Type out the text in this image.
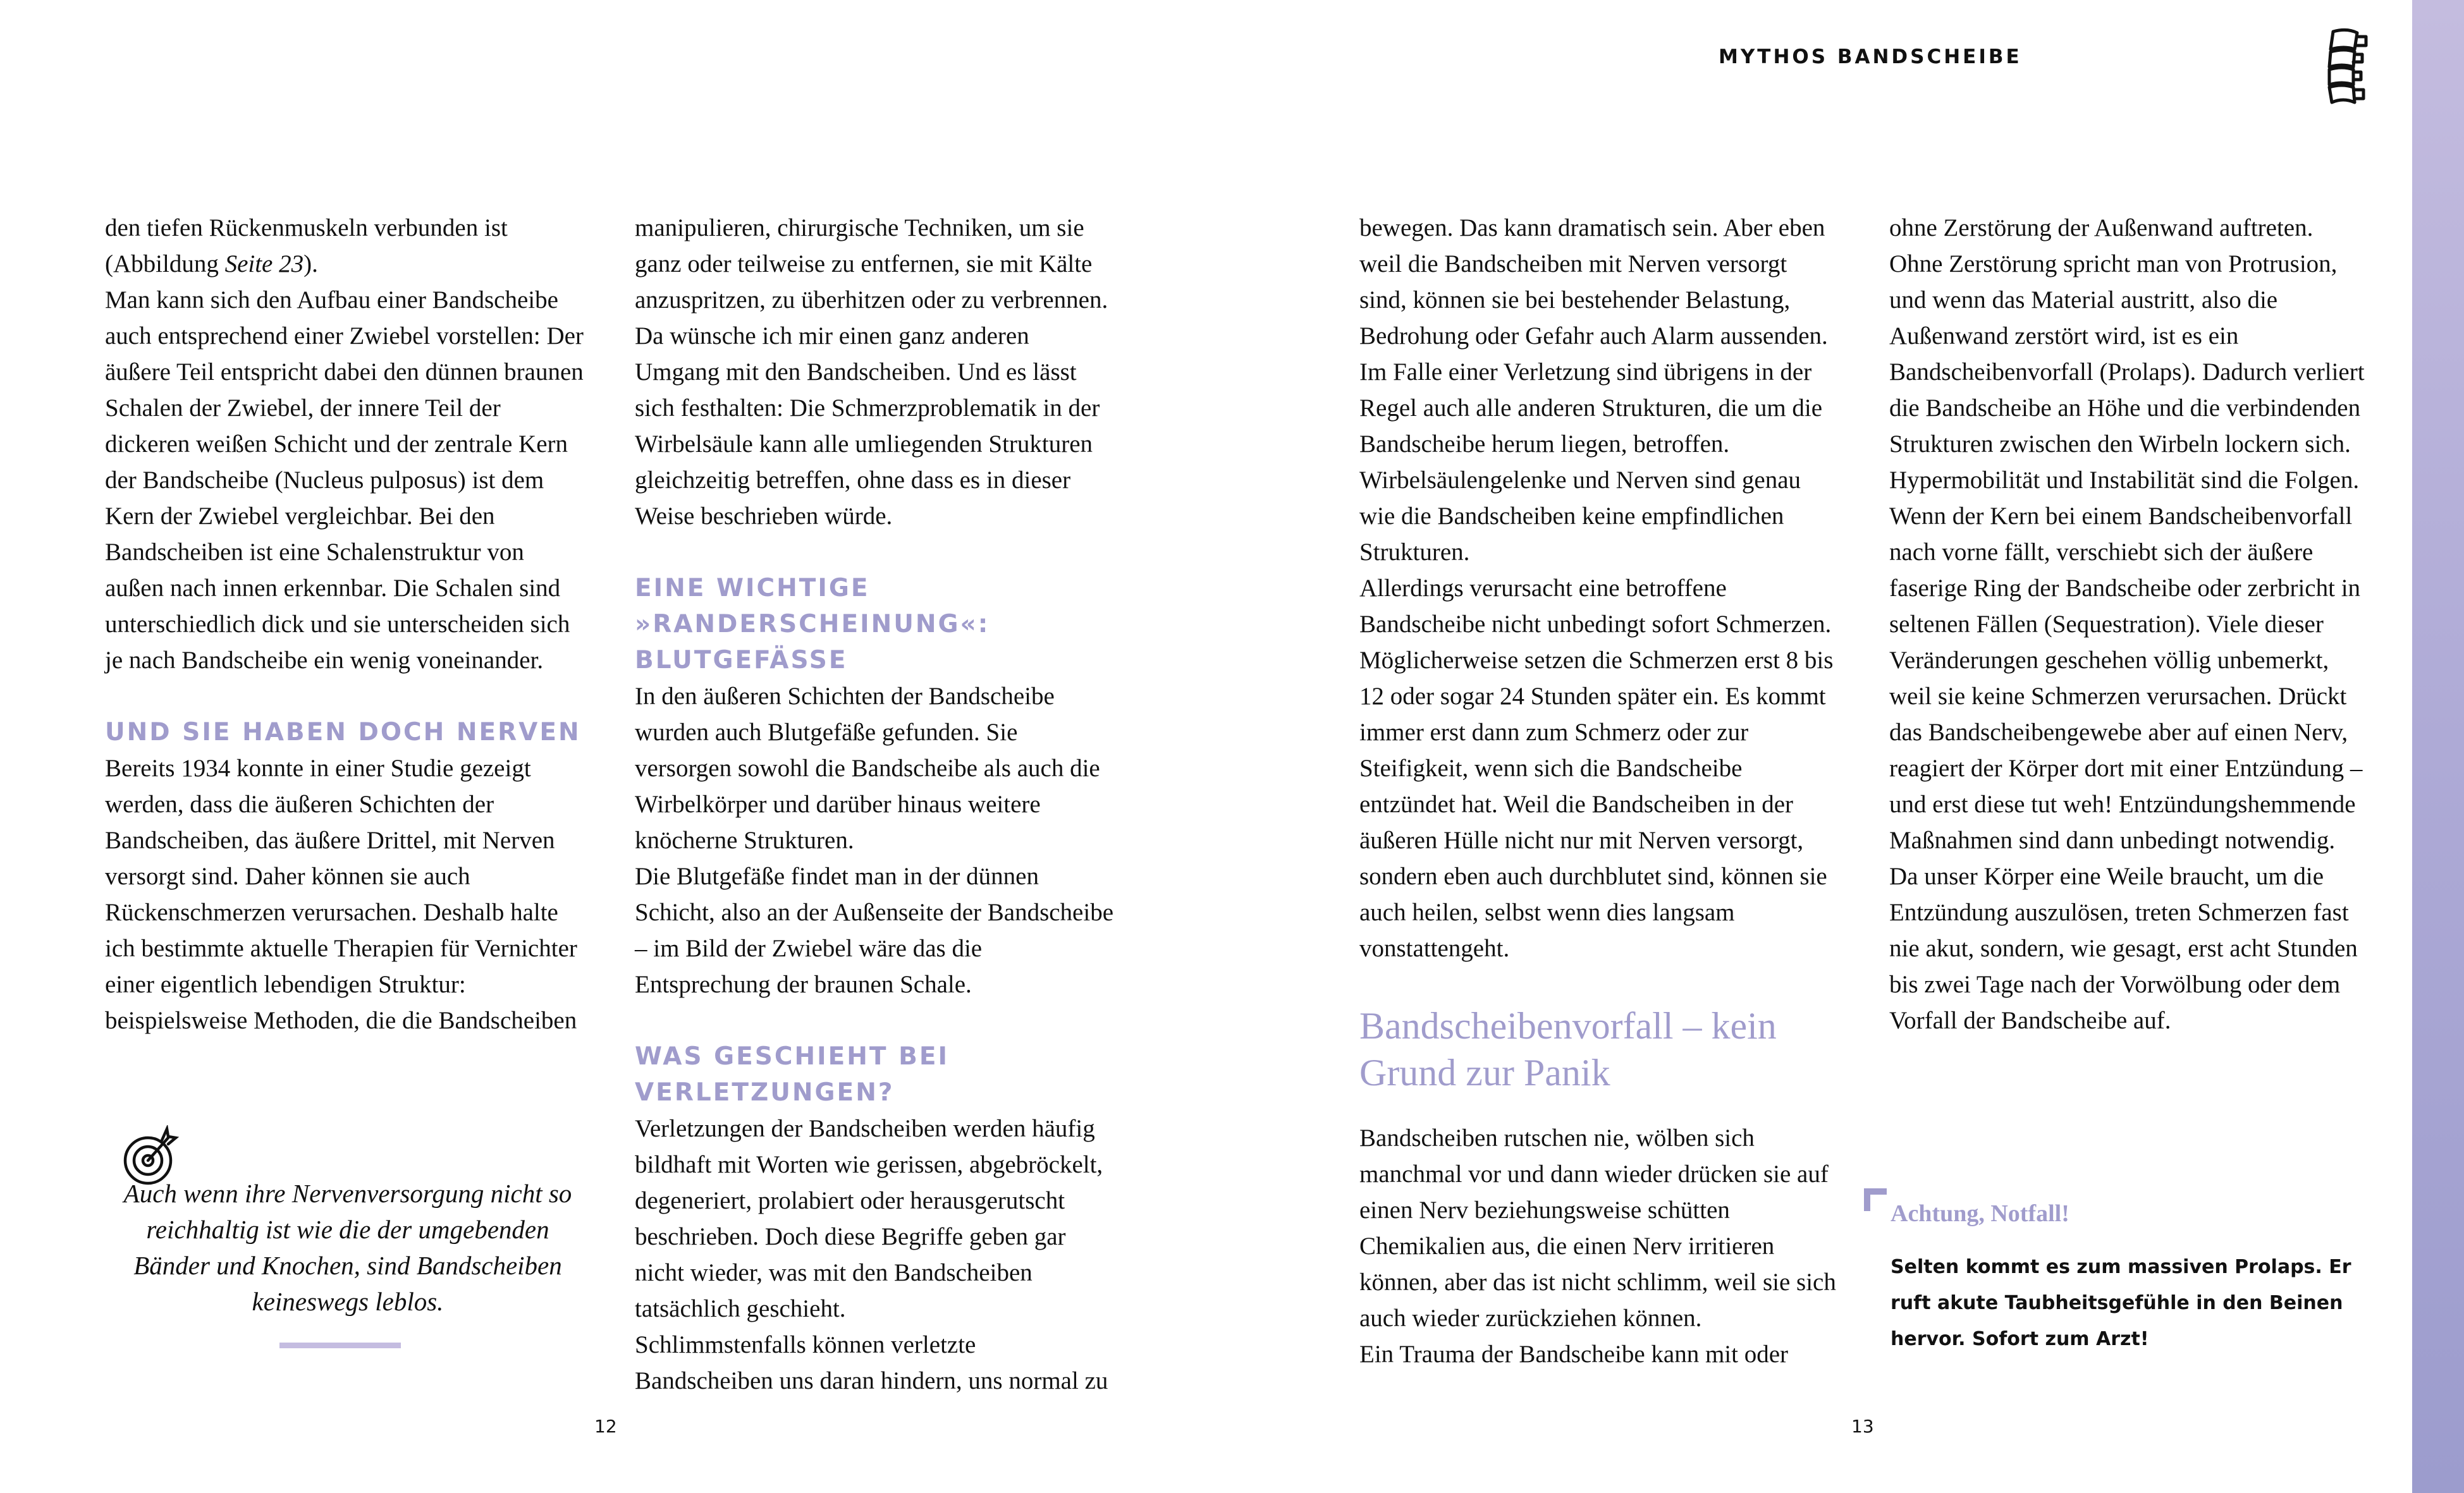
MYTHOS BANDSCHEIBE

den tiefen Rückenmuskeln verbunden ist (Abbildung Seite 23).

Man kann sich den Aufbau einer Bandscheibe auch entsprechend einer Zwiebel vorstellen: Der äußere Teil entspricht dabei den dünnen braunen Schalen der Zwiebel, der innere Teil der dickeren weißen Schicht und der zentrale Kern der Bandscheibe (Nucleus pulposus) ist dem Kern der Zwiebel vergleichbar. Bei den Bandscheiben ist eine Schalenstruktur von außen nach innen erkennbar. Die Schalen sind unterschiedlich dick und sie unterscheiden sich je nach Bandscheibe ein wenig voneinander.

UND SIE HABEN DOCH NERVEN

Bereits 1934 konnte in einer Studie gezeigt werden, dass die äußeren Schichten der Bandscheiben, das äußere Drittel, mit Nerven versorgt sind. Daher können sie auch Rückenschmerzen verursachen. Deshalb halte ich bestimmte aktuelle Therapien für Vernichter einer eigentlich lebendigen Struktur: beispielsweise Methoden, die die Bandscheiben

Auch wenn ihre Nervenversorgung nicht so reichhaltig ist wie die der umgebenden Bänder und Knochen, sind Bandscheiben keineswegs leblos.

manipulieren, chirurgische Techniken, um sie ganz oder teilweise zu entfernen, sie mit Kälte anzuspritzen, zu überhitzen oder zu verbrennen. Da wünsche ich mir einen ganz anderen Umgang mit den Bandscheiben. Und es lässt sich festhalten: Die Schmerzproblematik in der Wirbelsäule kann alle umliegenden Strukturen gleichzeitig betreffen, ohne dass es in dieser Weise beschrieben würde.

EINE WICHTIGE »RANDERSCHEINUNG«: BLUTGEFÄSSE

In den äußeren Schichten der Bandscheibe wurden auch Blutgefäße gefunden. Sie versorgen sowohl die Bandscheibe als auch die Wirbelkörper und darüber hinaus weitere knöcherne Strukturen.

Die Blutgefäße findet man in der dünnen Schicht, also an der Außenseite der Bandscheibe – im Bild der Zwiebel wäre das die Entsprechung der braunen Schale.

WAS GESCHIEHT BEI VERLETZUNGEN?

Verletzungen der Bandscheiben werden häufig bildhaft mit Worten wie gerissen, abgebröckelt, degeneriert, prolabiert oder herausgerutscht beschrieben. Doch diese Begriffe geben gar nicht wieder, was mit den Bandscheiben tatsächlich geschieht.

Schlimmstenfalls können verletzte Bandscheiben uns daran hindern, uns normal zu

bewegen. Das kann dramatisch sein. Aber eben weil die Bandscheiben mit Nerven versorgt sind, können sie bei bestehender Belastung, Bedrohung oder Gefahr auch Alarm aussenden. Im Falle einer Verletzung sind übrigens in der Regel auch alle anderen Strukturen, die um die Bandscheibe herum liegen, betroffen. Wirbelsäulengelenke und Nerven sind genau wie die Bandscheiben keine empfindlichen Strukturen.

Allerdings verursacht eine betroffene Bandscheibe nicht unbedingt sofort Schmerzen. Möglicherweise setzen die Schmerzen erst 8 bis 12 oder sogar 24 Stunden später ein. Es kommt immer erst dann zum Schmerz oder zur Steifigkeit, wenn sich die Bandscheibe entzündet hat. Weil die Bandscheiben in der äußeren Hülle nicht nur mit Nerven versorgt, sondern eben auch durchblutet sind, können sie auch heilen, selbst wenn dies langsam vonstattengeht.

Bandscheibenvorfall – kein Grund zur Panik

Bandscheiben rutschen nie, wölben sich manchmal vor und dann wieder drücken sie auf einen Nerv beziehungsweise schütten Chemikalien aus, die einen Nerv irritieren können, aber das ist nicht schlimm, weil sie sich auch wieder zurückziehen können.

Ein Trauma der Bandscheibe kann mit oder

ohne Zerstörung der Außenwand auftreten. Ohne Zerstörung spricht man von Protrusion, und wenn das Material austritt, also die Außenwand zerstört wird, ist es ein Bandscheibenvorfall (Prolaps). Dadurch verliert die Bandscheibe an Höhe und die verbindenden Strukturen zwischen den Wirbeln lockern sich. Hypermobilität und Instabilität sind die Folgen.

Wenn der Kern bei einem Bandscheibenvorfall nach vorne fällt, verschiebt sich der äußere faserige Ring der Bandscheibe oder zerbricht in seltenen Fällen (Sequestration). Viele dieser Veränderungen geschehen völlig unbemerkt, weil sie keine Schmerzen verursachen. Drückt das Bandscheibengewebe aber auf einen Nerv, reagiert der Körper dort mit einer Entzündung – und erst diese tut weh! Entzündungshemmende Maßnahmen sind dann unbedingt notwendig. Da unser Körper eine Weile braucht, um die Entzündung auszulösen, treten Schmerzen fast nie akut, sondern, wie gesagt, erst acht Stunden bis zwei Tage nach der Vorwölbung oder dem Vorfall der Bandscheibe auf.

Achtung, Notfall!

Selten kommt es zum massiven Prolaps. Er ruft akute Taubheitsgefühle in den Beinen hervor. Sofort zum Arzt!

12	13
